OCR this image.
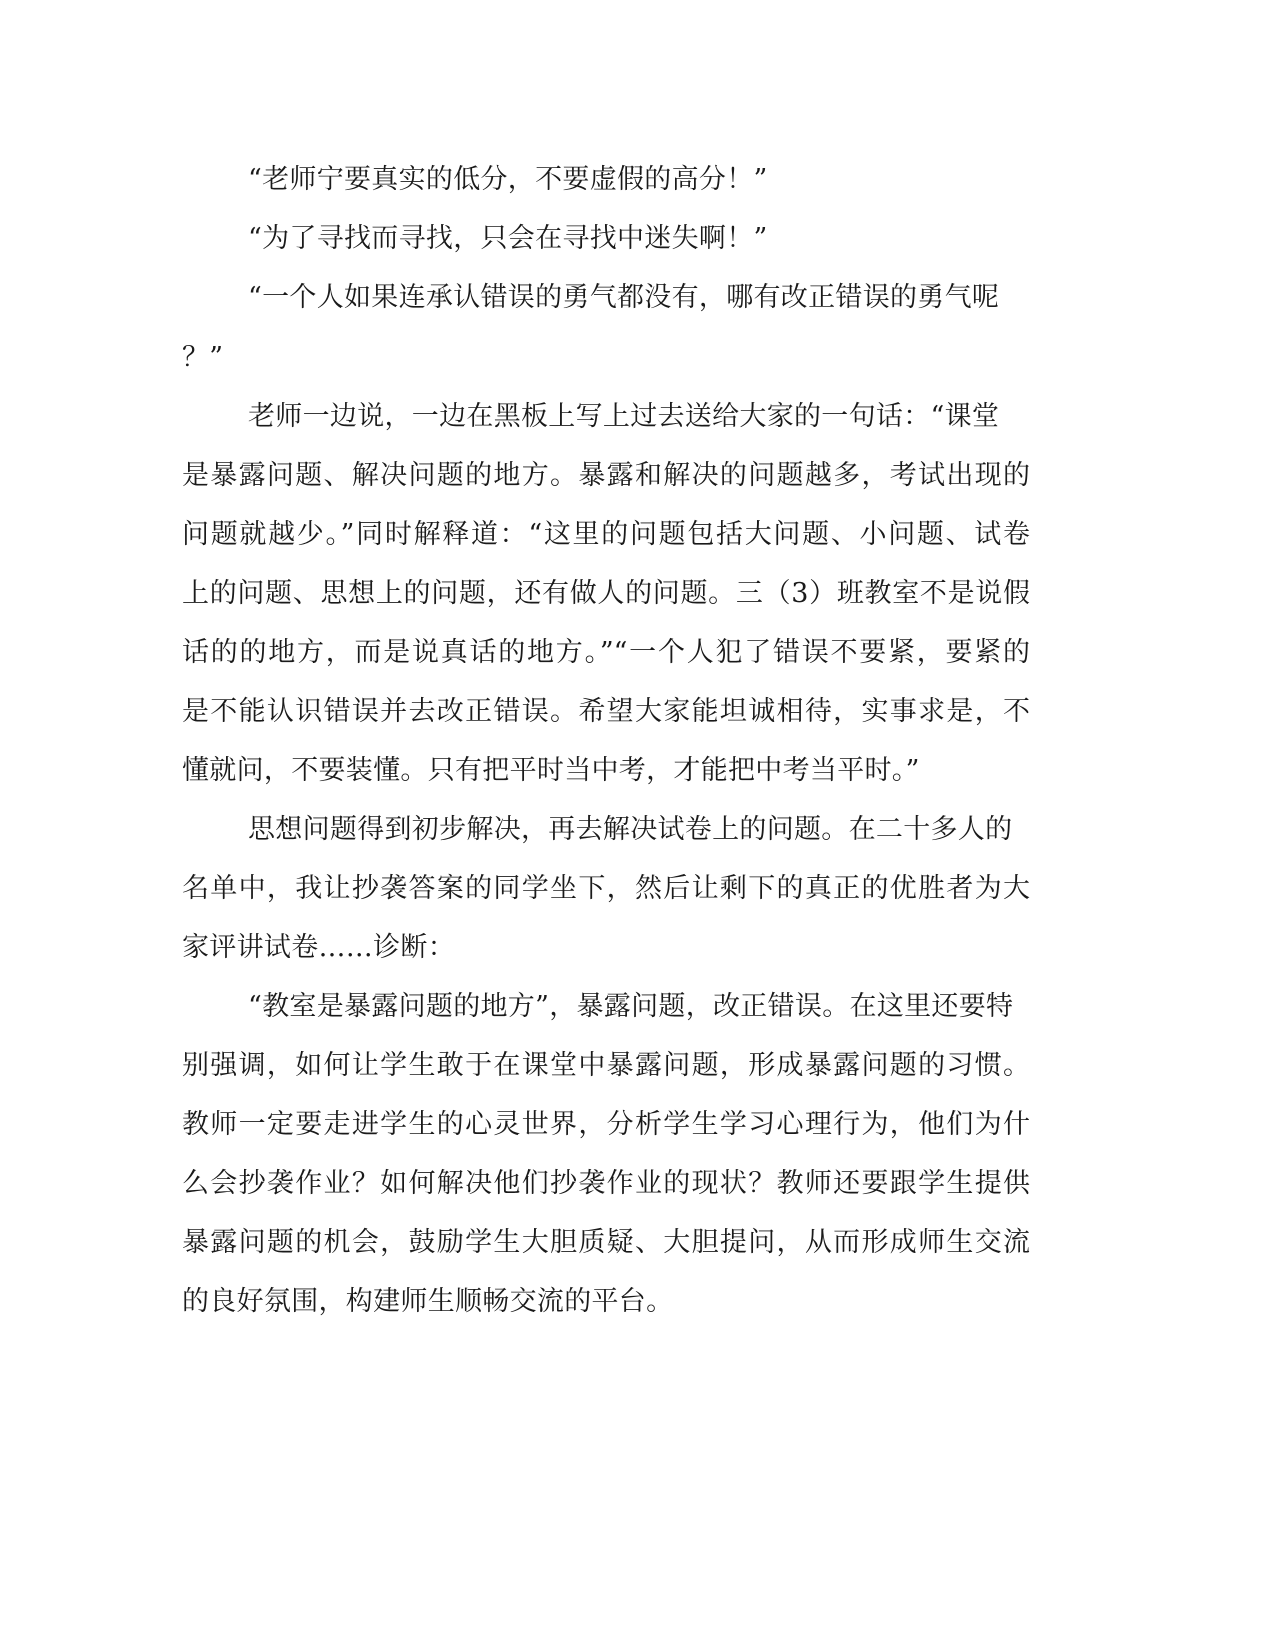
“老师宁要真实的低分，不要虚假的高分！”

“为了寻找而寻找，只会在寻找中迷失啊！”

“一个人如果连承认错误的勇气都没有，哪有改正错误的勇气呢

？”

老师一边说，一边在黑板上写上过去送给大家的一句话：“课堂

是暴露问题、解决问题的地方。暴露和解决的问题越多，考试出现的

问题就越少。”同时解释道：“这里的问题包括大问题、小问题、试卷

上的问题、思想上的问题，还有做人的问题。三（3）班教室不是说假

话的的地方，而是说真话的地方。”“一个人犯了错误不要紧，要紧的

是不能认识错误并去改正错误。希望大家能坦诚相待，实事求是，不

懂就问，不要装懂。只有把平时当中考，才能把中考当平时。”

思想问题得到初步解决，再去解决试卷上的问题。在二十多人的

名单中，我让抄袭答案的同学坐下，然后让剩下的真正的优胜者为大

家评讲试卷……诊断：

“教室是暴露问题的地方”，暴露问题，改正错误。在这里还要特

别强调，如何让学生敢于在课堂中暴露问题，形成暴露问题的习惯。

教师一定要走进学生的心灵世界，分析学生学习心理行为，他们为什

么会抄袭作业？如何解决他们抄袭作业的现状？教师还要跟学生提供

暴露问题的机会，鼓励学生大胆质疑、大胆提问，从而形成师生交流

的良好氛围，构建师生顺畅交流的平台。
